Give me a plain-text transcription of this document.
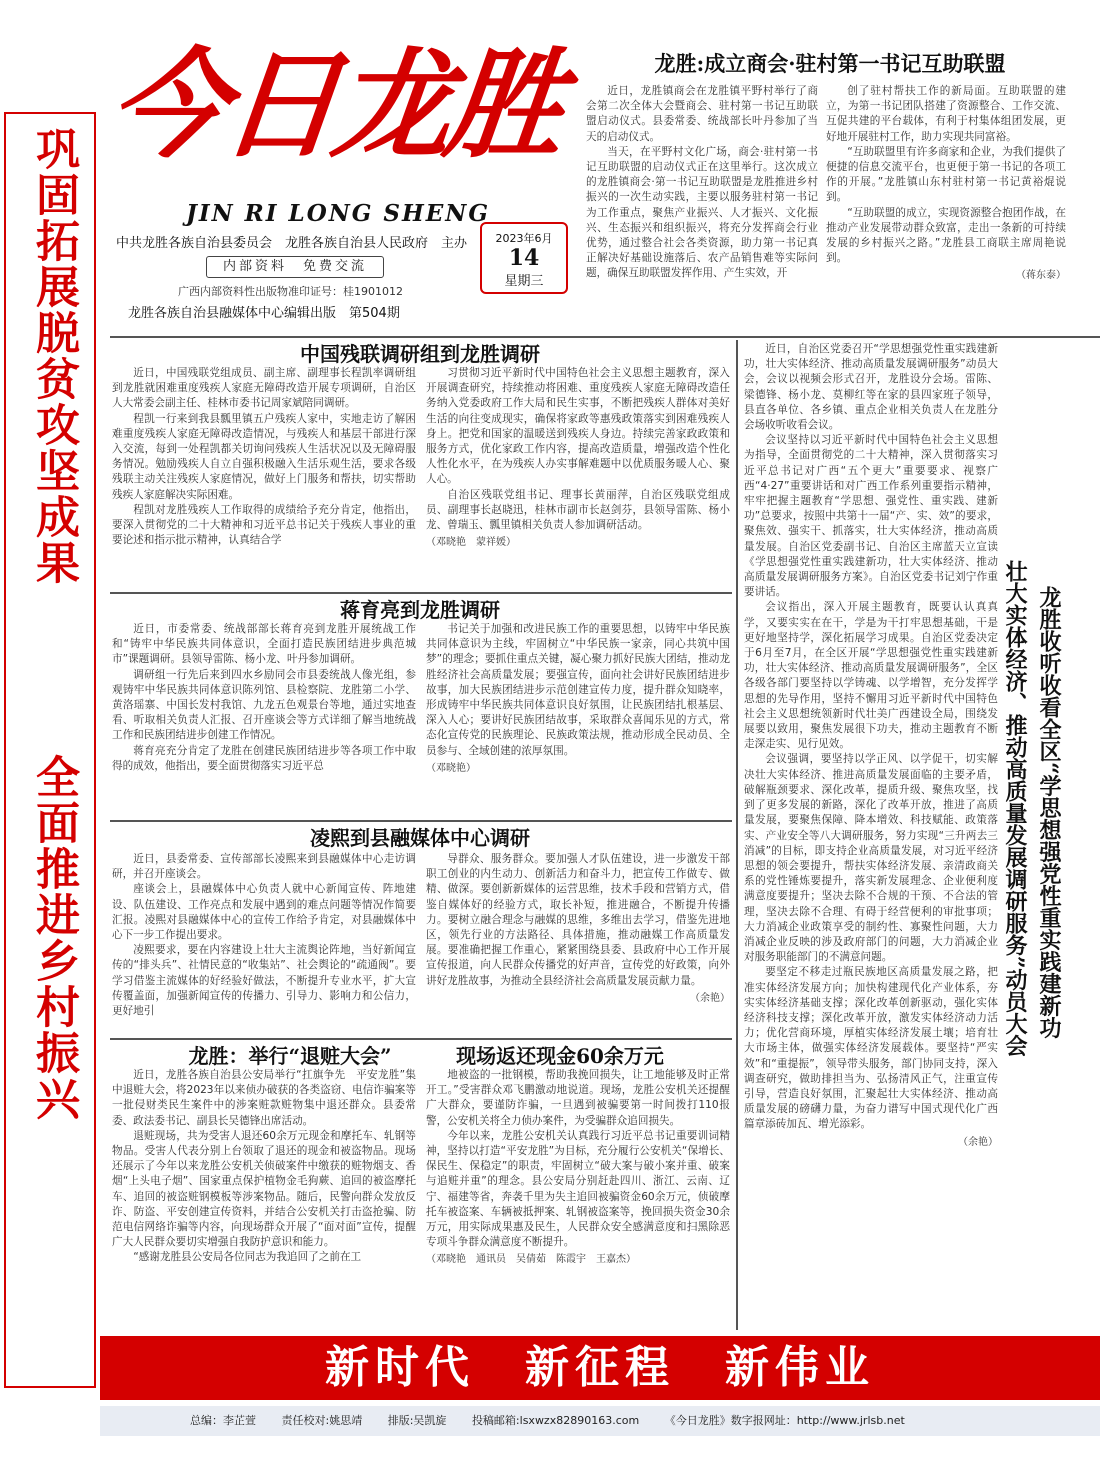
巩固拓展脱贫攻坚成果
全面推进乡村振兴
今日龙胜
JIN RI LONG SHENG
中共龙胜各族自治县委员会　龙胜各族自治县人民政府　主办
内部资料　免费交流
广西内部资料性出版物准印证号：桂1901012
龙胜各族自治县融媒体中心编辑出版　第504期
2023年6月
14
星期三
龙胜:成立商会·驻村第一书记互助联盟

近日，龙胜镇商会在龙胜镇平野村举行了商会第二次全体大会暨商会、驻村第一书记互助联盟启动仪式。县委常委、统战部长叶丹参加了当天的启动仪式。

当天，在平野村文化广场，商会·驻村第一书记互助联盟的启动仪式正在这里举行。这次成立的龙胜镇商会·第一书记互助联盟是龙胜推进乡村振兴的一次生动实践，主要以服务驻村第一书记为工作重点，聚焦产业振兴、人才振兴、文化振兴、生态振兴和组织振兴，将充分发挥商会行业优势，通过整合社会各类资源，助力第一书记真正解决好基础设施落后、农产品销售难等实际问题，确保互助联盟发挥作用、产生实效，开

创了驻村帮扶工作的新局面。互助联盟的建立，为第一书记团队搭建了资源整合、工作交流、互促共建的平台载体，有利于村集体组团发展，更好地开展驻村工作，助力实现共同富裕。

“互助联盟里有许多商家和企业，为我们提供了便捷的信息交流平台，也更便于第一书记的各项工作的开展。”龙胜镇山东村驻村第一书记黄裕焜说到。

“互助联盟的成立，实现资源整合抱团作战，在推动产业发展带动群众致富，走出一条新的可持续发展的乡村振兴之路。”龙胜县工商联主席周艳说到。

（蒋东泰）

中国残联调研组到龙胜调研

近日，中国残联党组成员、副主席、副理事长程凯率调研组到龙胜就困难重度残疾人家庭无障碍改造开展专项调研，自治区人大常委会副主任、桂林市委书记周家斌陪同调研。

程凯一行来到我县瓢里镇五户残疾人家中，实地走访了解困难重度残疾人家庭无障碍改造情况，与残疾人和基层干部进行深入交流，每到一处程凯都关切询问残疾人生活状况以及无障碍服务情况。勉励残疾人自立自强积极融入生活乐观生活，要求各级残联主动关注残疾人家庭情况，做好上门服务和帮扶，切实帮助残疾人家庭解决实际困难。

程凯对龙胜残疾人工作取得的成绩给予充分肯定，他指出，要深入贯彻党的二十大精神和习近平总书记关于残疾人事业的重要论述和指示批示精神，认真结合学

习贯彻习近平新时代中国特色社会主义思想主题教育，深入开展调查研究，持续推动将困难、重度残疾人家庭无障碍改造任务纳入党委政府工作大局和民生实事，不断把残疾人群体对美好生活的向往变成现实，确保将家政等惠残政策落实到困难残疾人身上。把党和国家的温暖送到残疾人身边。持续完善家政政策和服务方式，优化家政工作内容，提高改造质量，增强改造个性化人性化水平，在为残疾人办实事解难题中以优质服务暖人心、聚人心。

自治区残联党组书记、理事长黄丽萍，自治区残联党组成员、副理事长赵晓迅，桂林市副市长赵剑芬，县领导雷陈、杨小龙、曾瑞玉、瓢里镇相关负责人参加调研活动。

（邓晓艳　蒙祥媛）

蒋育亮到龙胜调研

近日，市委常委、统战部部长蒋育亮到龙胜开展统战工作和“铸牢中华民族共同体意识，全面打造民族团结进步典范城市”课题调研。县领导雷陈、杨小龙、叶丹参加调研。

调研组一行先后来到四水乡励同会市县委统战人像光组，参观铸牢中华民族共同体意识陈列馆、县检察院、龙胜第二小学、黄洛瑶寨、中国长发村我馆、九龙五色观景台等地，通过实地查看、听取相关负责人汇报、召开座谈会等方式详细了解当地统战工作和民族团结进步创建工作情况。

蒋育亮充分肯定了龙胜在创建民族团结进步等各项工作中取得的成效，他指出，要全面贯彻落实习近平总

书记关于加强和改进民族工作的重要思想，以铸牢中华民族共同体意识为主线，牢固树立“中华民族一家亲，同心共筑中国梦”的理念；要抓住重点关键，凝心聚力抓好民族大团结，推动龙胜经济社会高质量发展；要强宣传，面向社会讲好民族团结进步故事，加大民族团结进步示范创建宣传力度，提升群众知晓率，形成铸牢中华民族共同体意识良好氛围，让民族团结扎根基层、深入人心；要讲好民族团结故事，采取群众喜闻乐见的方式，常态化宣传党的民族理论、民族政策法规，推动形成全民动员、全员参与、全域创建的浓厚氛围。

（邓晓艳）

凌熙到县融媒体中心调研

近日，县委常委、宣传部部长凌熙来到县融媒体中心走访调研，并召开座谈会。

座谈会上，县融媒体中心负责人就中心新闻宣传、阵地建设、队伍建设、工作亮点和发展中遇到的难点问题等情况作简要汇报。凌熙对县融媒体中心的宣传工作给予肯定，对县融媒体中心下一步工作提出要求。

凌熙要求，要在内容建设上壮大主流舆论阵地，当好新闻宣传的“排头兵”、社情民意的“收集站”、社会舆论的“疏通阀”。要学习借鉴主流媒体的好经验好做法，不断提升专业水平，扩大宣传覆盖面，加强新闻宣传的传播力、引导力、影响力和公信力，更好地引

导群众、服务群众。要加强人才队伍建设，进一步激发干部职工创业的内生动力、创新活力和奋斗力，把宣传工作做专、做精、做深。要创新新媒体的运营思维，技术手段和营销方式，借鉴自媒体好的经验方式，取长补短，推进融合，不断提升传播力。要树立融合理念与融媒的思维，多维出去学习，借鉴先进地区，领先行业的方法路径、具体措施，推动融媒工作高质量发展。要准确把握工作重心，紧紧围绕县委、县政府中心工作开展宣传报道，向人民群众传播党的好声音，宣传党的好政策，向外讲好龙胜故事，为推动全县经济社会高质量发展贡献力量。

（余艳）

龙胜：举行“退赃大会”	现场返还现金60余万元

近日，龙胜各族自治县公安局举行“扛旗争先　平安龙胜”集中退赃大会，将2023年以来侦办破获的各类盗窃、电信诈骗案等一批侵财类民生案件中的涉案赃款赃物集中退还群众。县委常委、政法委书记、副县长吴德锋出席活动。

退赃现场，共为受害人退还60余万元现金和摩托车、轧钢等物品。受害人代表分别上台领取了退还的现金和被盗物品。现场还展示了今年以来龙胜公安机关侦破案件中缴获的赃物烟支、香烟“上头电子烟”、国家重点保护植物金毛狗蕨、追回的被盗摩托车、追回的被盗赃钢模板等涉案物品。随后，民警向群众发放反诈、防盗、平安创建宣传资料，并结合公安机关打击盗抢骗、防范电信网络诈骗等内容，向现场群众开展了“面对面”宣传，提醒广大人民群众要切实增强自我防护意识和能力。

“感谢龙胜县公安局各位同志为我追回了之前在工

地被盗的一批钢模，帮助我挽回损失，让工地能够及时正常开工。”受害群众邓飞鹏激动地说道。现场，龙胜公安机关还提醒广大群众，要谨防诈骗，一旦遇到被骗要第一时间拨打110报警，公安机关将全力侦办案件，为受骗群众追回损失。

今年以来，龙胜公安机关认真践行习近平总书记重要训词精神，坚持以打造“平安龙胜”为目标，充分履行公安机关“保增长、保民生、保稳定”的职责，牢固树立“破大案与破小案并重、破案与追赃并重”的理念。县公安局分别赶赴四川、浙江、云南、辽宁、福建等省，奔袭千里为失主追回被骗资金60余万元，侦破摩托车被盗案、车辆被抵押案、轧钢被盗案等，挽回损失资金30余万元，用实际成果惠及民生，人民群众安全感满意度和扫黑除恶专项斗争群众满意度不断提升。

（邓晓艳　通讯员　吴倩茹　陈霞宇　王嘉杰）

近日，自治区党委召开“学思想强党性重实践建新功，壮大实体经济、推动高质量发展调研服务”动员大会，会议以视频会形式召开，龙胜设分会场。雷陈、梁德锋、杨小龙、莫柳红等在家的县四家班子领导，县直各单位、各乡镇、重点企业相关负责人在龙胜分会场收听收看会议。

会议坚持以习近平新时代中国特色社会主义思想为指导，全面贯彻党的二十大精神，深入贯彻落实习近平总书记对广西“五个更大”重要要求、视察广西“4·27”重要讲话和对广西工作系列重要指示精神，牢牢把握主题教育“学思想、强党性、重实践、建新功”总要求，按照中共第十一届“产、实、效”的要求，聚焦效、强实干、抓落实，壮大实体经济，推动高质量发展。自治区党委副书记、自治区主席蓝天立宣读《学思想强党性重实践建新功，壮大实体经济、推动高质量发展调研服务方案》。自治区党委书记刘宁作重要讲话。

会议指出，深入开展主题教育，既要认认真真学，又要实实在在干，学是为干打牢思想基础，干是更好地坚持学，深化拓展学习成果。自治区党委决定于6月至7月，在全区开展“学思想强党性重实践建新功，壮大实体经济、推动高质量发展调研服务”，全区各级各部门要坚持以学铸魂、以学增智，充分发挥学思想的先导作用，坚持不懈用习近平新时代中国特色社会主义思想统领新时代壮美广西建设全局，围绕发展要以致用，聚焦发展很下功夫，推动主题教育不断走深走实、见行见效。

会议强调，要坚持以学正风、以学促干，切实解决壮大实体经济、推进高质量发展面临的主要矛盾，破解瓶颈要求、深化改革，提质升级、聚焦攻坚，找到了更多发展的新路，深化了改革开放，推进了高质量发展，要聚焦保障、降本增效、科技赋能、政策落实、产业安全等八大调研服务，努力实现“三升两去三消减”的目标，即支持企业高质量发展，对习近平经济思想的领会要提升，帮扶实体经济发展、亲清政商关系的党性锤炼要提升，落实新发展理念、企业便利度满意度要提升；坚决去除不合规的干预、不合法的管理，坚决去除不合理、有碍于经营便利的审批事项；大力消减企业政策享受的制约性、寡聚性问题，大力消减企业反映的涉及政府部门的问题，大力消减企业对服务职能部门的不满意问题。

要坚定不移走过瓶民族地区高质量发展之路，把准实体经济发展方向；加快构建现代化产业体系，夯实实体经济基础支撑；深化改革创新驱动，强化实体经济科技支撑；深化改革开放，激发实体经济动力活力；优化营商环境，厚植实体经济发展土壤；培育壮大市场主体，做强实体经济发展载体。要坚持“严实效”和“重提振”，领导带头服务，部门协同支持，深入调查研究，做助排担当为、弘扬清风正气，注重宣传引导，营造良好氛围，汇聚起壮大实体经济、推动高质量发展的磅礴力量，为奋力谱写中国式现代化广西篇章添砖加瓦、增光添彩。

（余艳）

龙胜收听收看全区“学思想强党性重实践建新功
壮大实体经济、推动高质量发展调研服务”动员大会
新时代　新征程　新伟业
总编：李芷萱 责任校对:姚思靖 排版:吴凯旋 投稿邮箱:lsxwzx82890163.com 《今日龙胜》数字报网址：http://www.jrlsb.net
